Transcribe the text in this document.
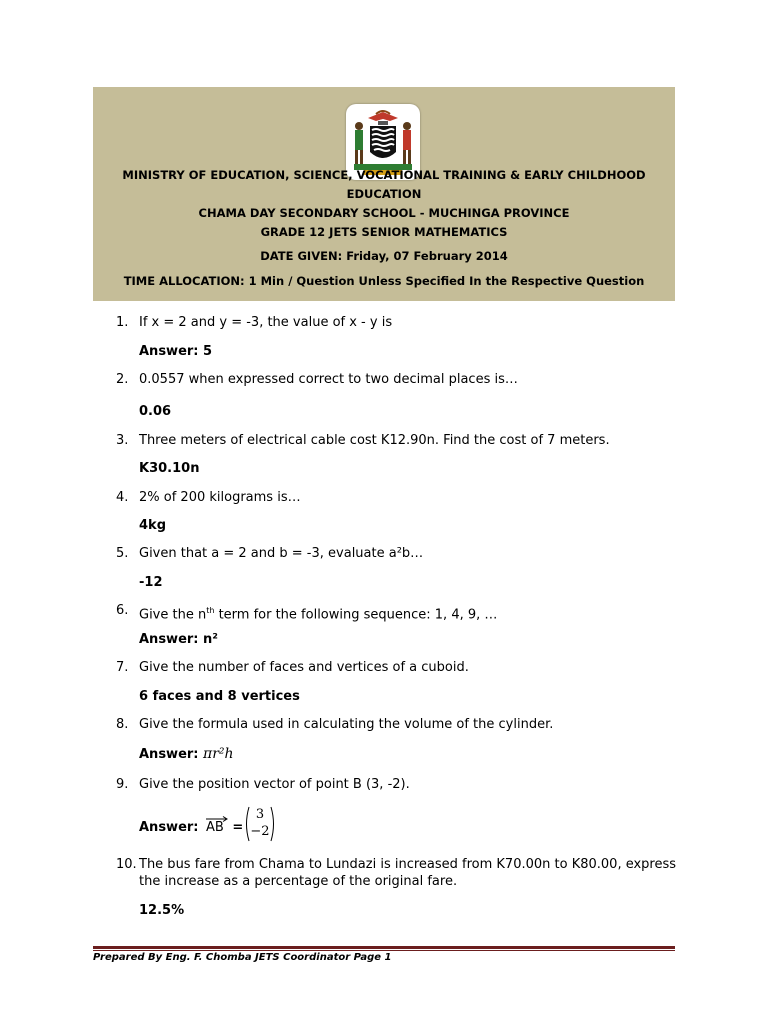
MINISTRY OF EDUCATION, SCIENCE, VOCATIONAL TRAINING & EARLY CHILDHOOD
EDUCATION
CHAMA DAY SECONDARY SCHOOL - MUCHINGA PROVINCE
GRADE 12 JETS SENIOR MATHEMATICS
DATE GIVEN: Friday, 07 February 2014
TIME ALLOCATION: 1 Min / Question Unless Specified In the Respective Question
1. If x = 2 and y = -3, the value of x - y is
Answer: 5
2. 0.0557 when expressed correct to two decimal places is…
0.06
3. Three meters of electrical cable cost K12.90n. Find the cost of 7 meters.
K30.10n
4. 2% of 200 kilograms is…
4kg
5. Given that a = 2 and b = -3, evaluate a²b…
-12
6. Give the $n^{th}$ term for the following sequence: 1, 4, 9, …
Answer: n²
7. Give the number of faces and vertices of a cuboid.
6 faces and 8 vertices
8. Give the formula used in calculating the volume of the cylinder.
Answer: πr²h
9. Give the position vector of point B (3, -2).
Answer: AB =
3
−2
10. The bus fare from Chama to Lundazi is increased from K70.00n to K80.00, express
the increase as a percentage of the original fare.
12.5%
Prepared By Eng. F. Chomba JETS Coordinator Page 1
